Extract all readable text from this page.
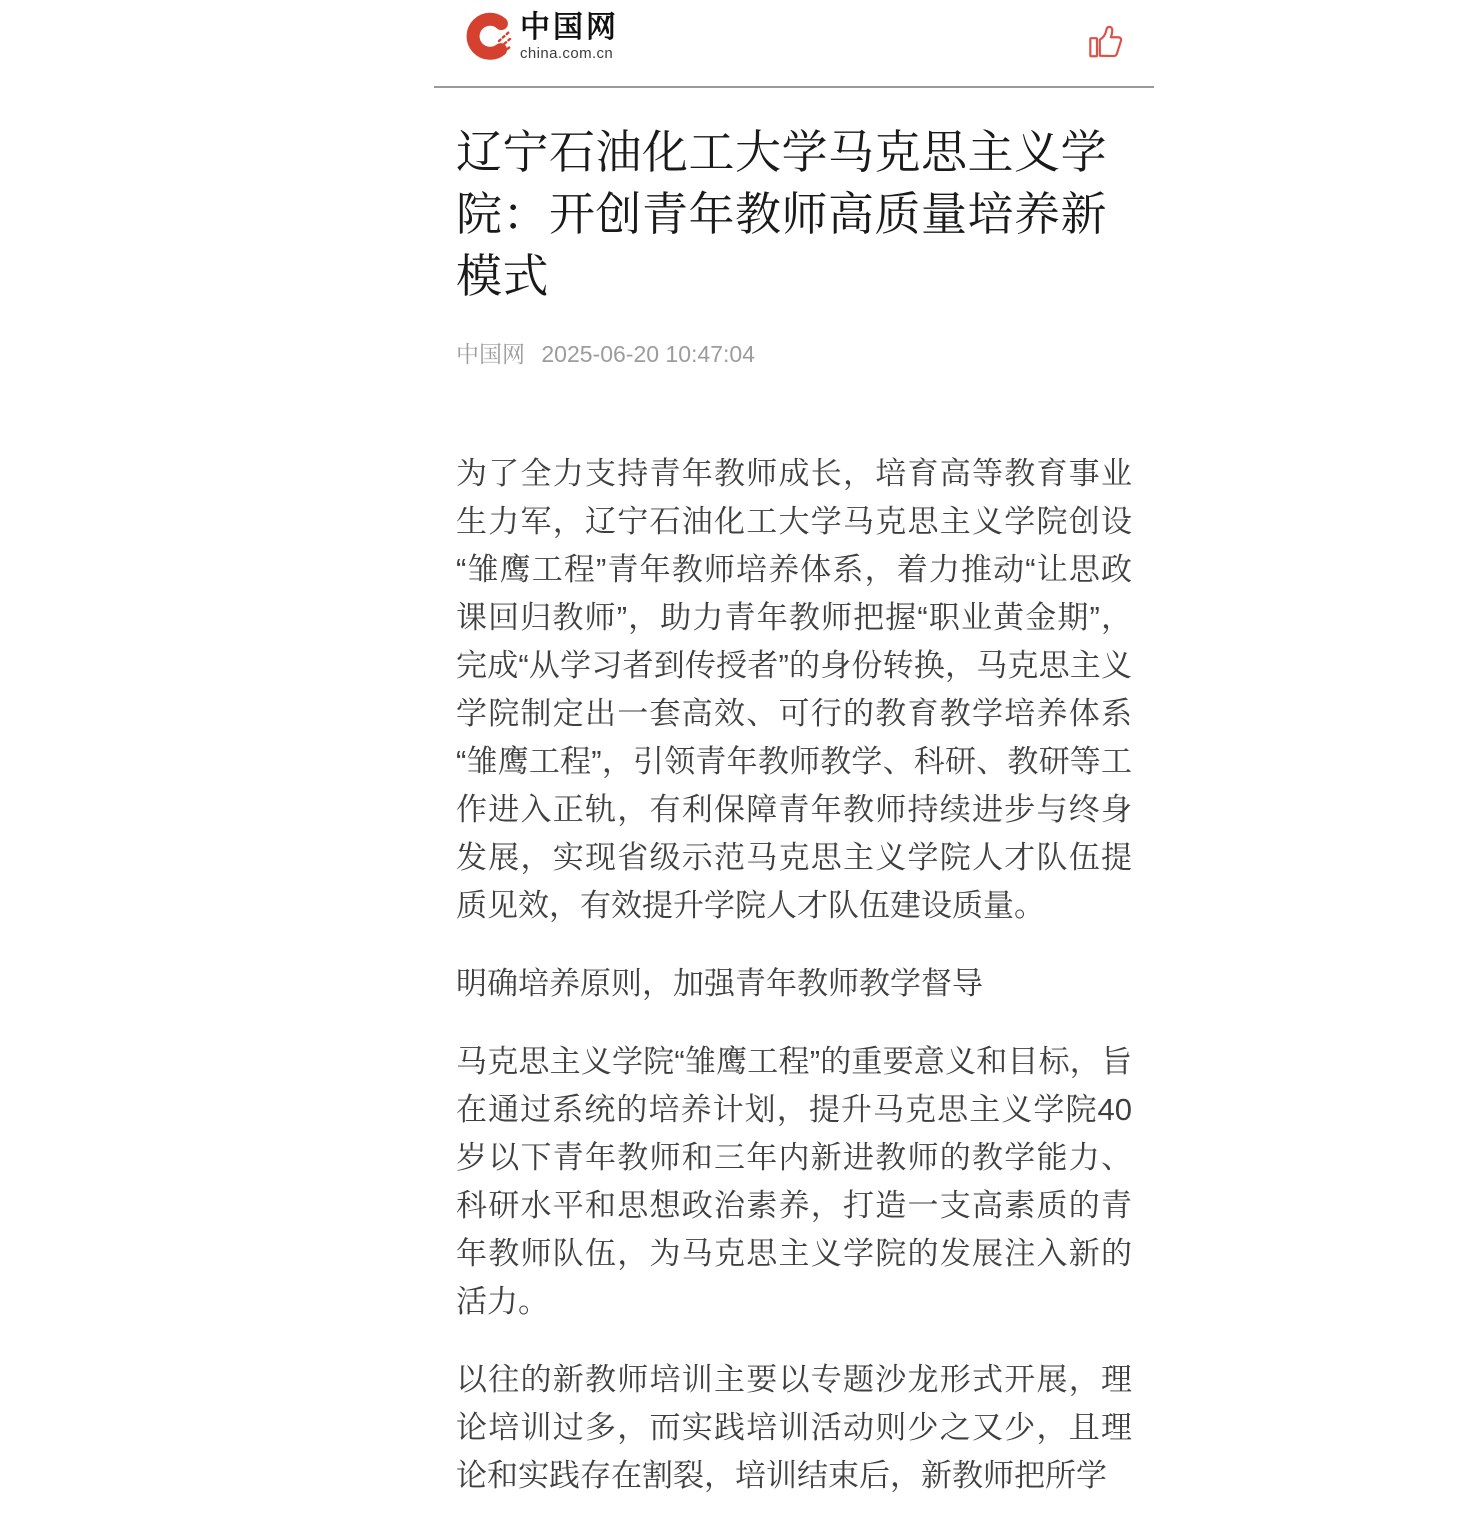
中国网
china.com.cn
辽宁石油化工大学马克思主义学院：开创青年教师高质量培养新模式
中国网 2025-06-20 10:47:04

为了全力支持青年教师成长，培育高等教育事业生力军，辽宁石油化工大学马克思主义学院创设“雏鹰工程”青年教师培养体系，着力推动“让思政课回归教师”，助力青年教师把握“职业黄金期”，完成“从学习者到传授者”的身份转换，马克思主义学院制定出一套高效、可行的教育教学培养体系“雏鹰工程”，引领青年教师教学、科研、教研等工作进入正轨，有利保障青年教师持续进步与终身发展，实现省级示范马克思主义学院人才队伍提质见效，有效提升学院人才队伍建设质量。

明确培养原则，加强青年教师教学督导

马克思主义学院“雏鹰工程”的重要意义和目标，旨在通过系统的培养计划，提升马克思主义学院40岁以下青年教师和三年内新进教师的教学能力、科研水平和思想政治素养，打造一支高素质的青年教师队伍，为马克思主义学院的发展注入新的活力。

以往的新教师培训主要以专题沙龙形式开展，理论培训过多，而实践培训活动则少之又少，且理论和实践存在割裂，培训结束后，新教师把所学
